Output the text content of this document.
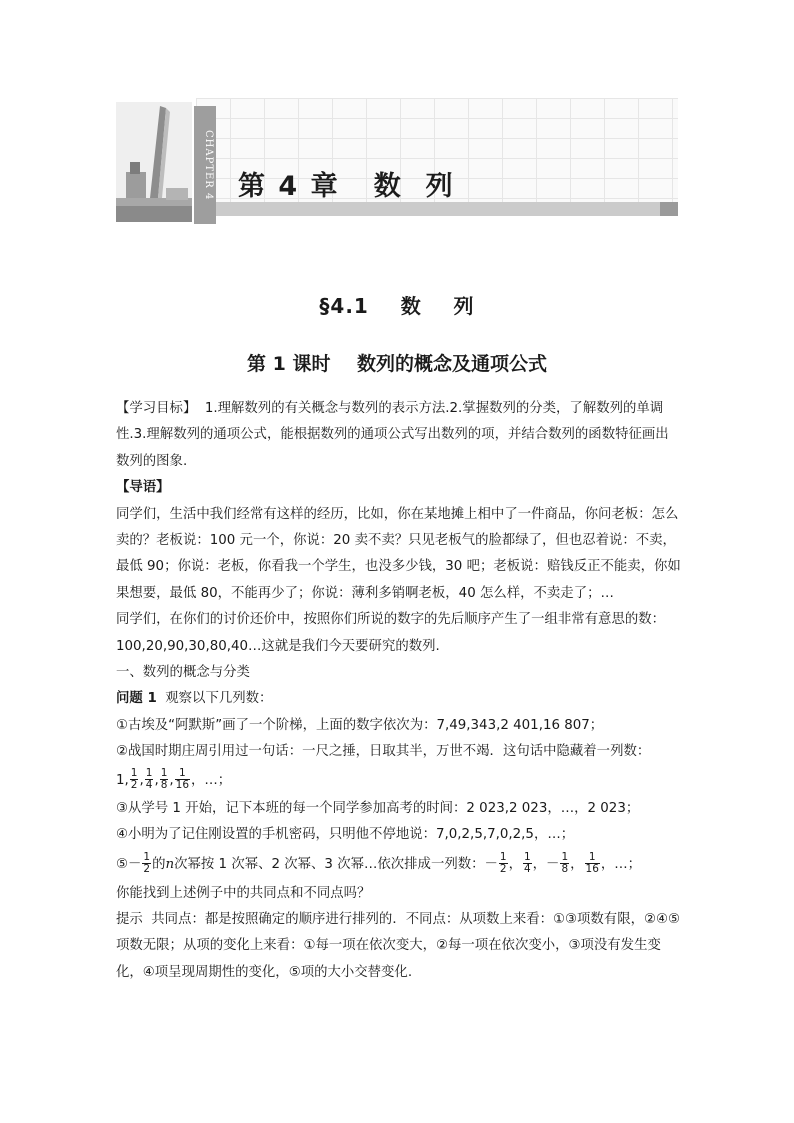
CHAPTER 4 第 4 章   数  列
§4.1    数    列
第 1 课时    数列的概念及通项公式

【学习目标】  1.理解数列的有关概念与数列的表示方法.2.掌握数列的分类，了解数列的单调性.3.理解数列的通项公式，能根据数列的通项公式写出数列的项，并结合数列的函数特征画出数列的图象.

【导语】

同学们，生活中我们经常有这样的经历，比如，你在某地摊上相中了一件商品，你问老板：怎么卖的？老板说：100 元一个，你说：20 卖不卖？只见老板气的脸都绿了，但也忍着说：不卖，最低 90；你说：老板，你看我一个学生，也没多少钱，30 吧；老板说：赔钱反正不能卖，你如果想要，最低 80，不能再少了；你说：薄利多销啊老板，40 怎么样，不卖走了；…

同学们，在你们的讨价还价中，按照你们所说的数字的先后顺序产生了一组非常有意思的数：100,20,90,30,80,40…这就是我们今天要研究的数列.

一、数列的概念与分类

问题 1  观察以下几列数：

①古埃及“阿默斯”画了一个阶梯，上面的数字依次为：7,49,343,2 401,16 807；

②战国时期庄周引用过一句话：一尺之捶，日取其半，万世不竭．这句话中隐藏着一列数：

1, $\frac{1}{2}$ , $\frac{1}{4}$ , $\frac{1}{8}$ , $\frac{1}{16}$ ，…；

③从学号 1 开始，记下本班的每一个同学参加高考的时间：2 023,2 023，…，2 023；

④小明为了记住刚设置的手机密码，只明他不停地说：7,0,2,5,7,0,2,5，…；

⑤－ $\frac{1}{2}$ 的n次幂按 1 次幂、2 次幂、3 次幂…依次排成一列数：－ $\frac{1}{2}$ ， $\frac{1}{4}$ ，－ $\frac{1}{8}$ ， $\frac{1}{16}$ ，…；

你能找到上述例子中的共同点和不同点吗？

提示  共同点：都是按照确定的顺序进行排列的．不同点：从项数上来看：①③项数有限，②④⑤项数无限；从项的变化上来看：①每一项在依次变大，②每一项在依次变小，③项没有发生变化，④项呈现周期性的变化，⑤项的大小交替变化.
